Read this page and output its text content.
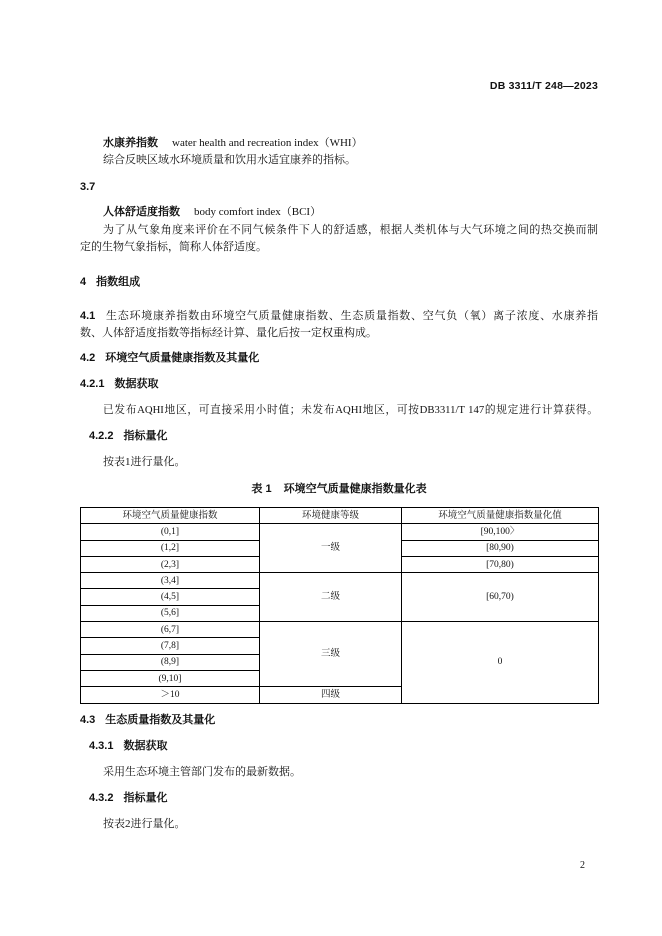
DB 3311/T 248—2023
水康养指数 water health and recreation index（WHI）
综合反映区域水环境质量和饮用水适宜康养的指标。
3.7
人体舒适度指数 body comfort index（BCI）
为了从气象角度来评价在不同气候条件下人的舒适感，根据人类机体与大气环境之间的热交换而制
定的生物气象指标，简称人体舒适度。
4 指数组成
4.1 生态环境康养指数由环境空气质量健康指数、生态质量指数、空气负（氧）离子浓度、水康养指
数、人体舒适度指数等指标经计算、量化后按一定权重构成。
4.2 环境空气质量健康指数及其量化
4.2.1 数据获取
已发布AQHI地区，可直接采用小时值；未发布AQHI地区，可按DB3311/T 147的规定进行计算获得。
4.2.2 指标量化
按表1进行量化。
表 1 环境空气质量健康指数量化表
环境空气质量健康指数	环境健康等级	环境空气质量健康指数量化值
(0,1]	一级	[90,100〉
(1,2]		[80,90)
(2,3]		[70,80)
(3,4]	二级	[60,70)
(4,5]		
(5,6]		
(6,7]	三级	0
(7,8]		
(8,9]		
(9,10]		
＞10	四级	
4.3 生态质量指数及其量化
4.3.1 数据获取
采用生态环境主管部门发布的最新数据。
4.3.2 指标量化
按表2进行量化。
2
